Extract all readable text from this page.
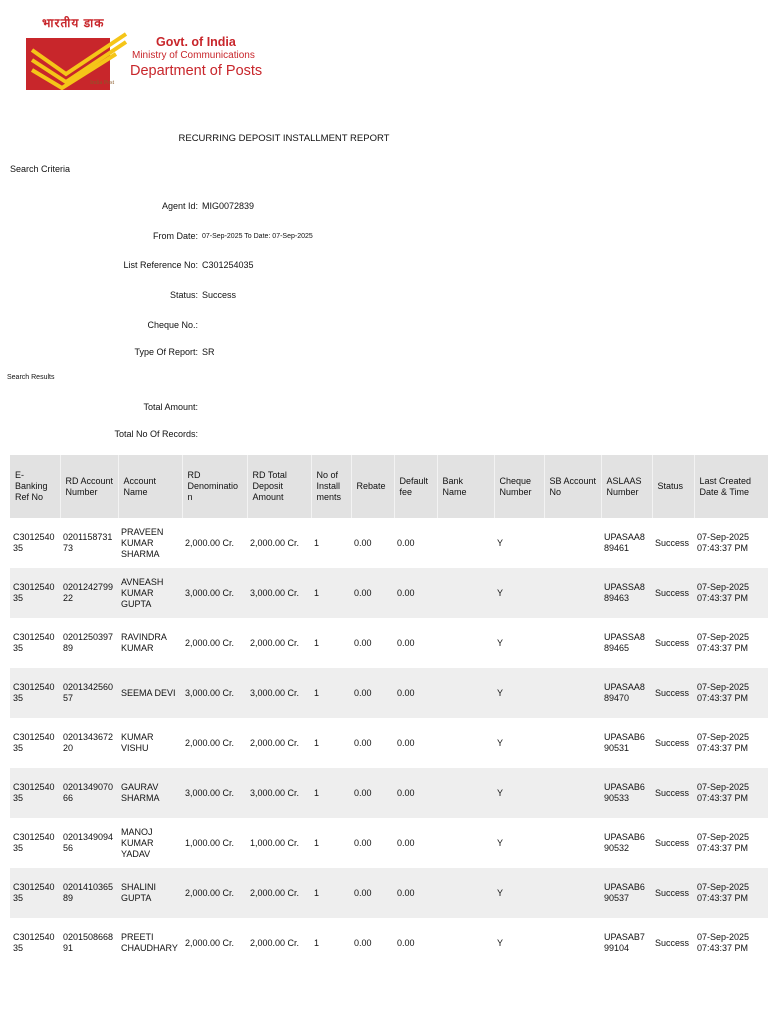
भारतीय डाक
India Post
Govt. of India
Ministry of Communications
Department of Posts
RECURRING DEPOSIT INSTALLMENT REPORT
Search Criteria
Agent Id: MIG0072839
From Date: 07-Sep-2025 To Date: 07-Sep-2025
List Reference No: C301254035
Status: Success
Cheque No.:
Type Of Report: SR
Search Results
Total Amount:
Total No Of Records:
E-Banking Ref No	RD Account Number	Account Name	RD Denomination	RD Total Deposit Amount	No of Installments	Rebate	Default fee	Bank Name	Cheque Number	SB Account No	ASLAAS Number	Status	Last Created Date & Time
C301254035	020115873173	PRAVEEN KUMAR SHARMA	2,000.00 Cr.	2,000.00 Cr.	1	0.00	0.00		Y		UPASAA889461	Success	07-Sep-2025 07:43:37 PM
C301254035	020124279922	AVNEASH KUMAR GUPTA	3,000.00 Cr.	3,000.00 Cr.	1	0.00	0.00		Y		UPASSA889463	Success	07-Sep-2025 07:43:37 PM
C301254035	020125039789	RAVINDRA KUMAR	2,000.00 Cr.	2,000.00 Cr.	1	0.00	0.00		Y		UPASSA889465	Success	07-Sep-2025 07:43:37 PM
C301254035	020134256057	SEEMA DEVI	3,000.00 Cr.	3,000.00 Cr.	1	0.00	0.00		Y		UPASAA889470	Success	07-Sep-2025 07:43:37 PM
C301254035	020134367220	KUMAR VISHU	2,000.00 Cr.	2,000.00 Cr.	1	0.00	0.00		Y		UPASAB690531	Success	07-Sep-2025 07:43:37 PM
C301254035	020134907066	GAURAV SHARMA	3,000.00 Cr.	3,000.00 Cr.	1	0.00	0.00		Y		UPASAB690533	Success	07-Sep-2025 07:43:37 PM
C301254035	020134909456	MANOJ KUMAR YADAV	1,000.00 Cr.	1,000.00 Cr.	1	0.00	0.00		Y		UPASAB690532	Success	07-Sep-2025 07:43:37 PM
C301254035	020141036589	SHALINI GUPTA	2,000.00 Cr.	2,000.00 Cr.	1	0.00	0.00		Y		UPASAB690537	Success	07-Sep-2025 07:43:37 PM
C301254035	020150866891	PREETI CHAUDHARY	2,000.00 Cr.	2,000.00 Cr.	1	0.00	0.00		Y		UPASAB799104	Success	07-Sep-2025 07:43:37 PM
